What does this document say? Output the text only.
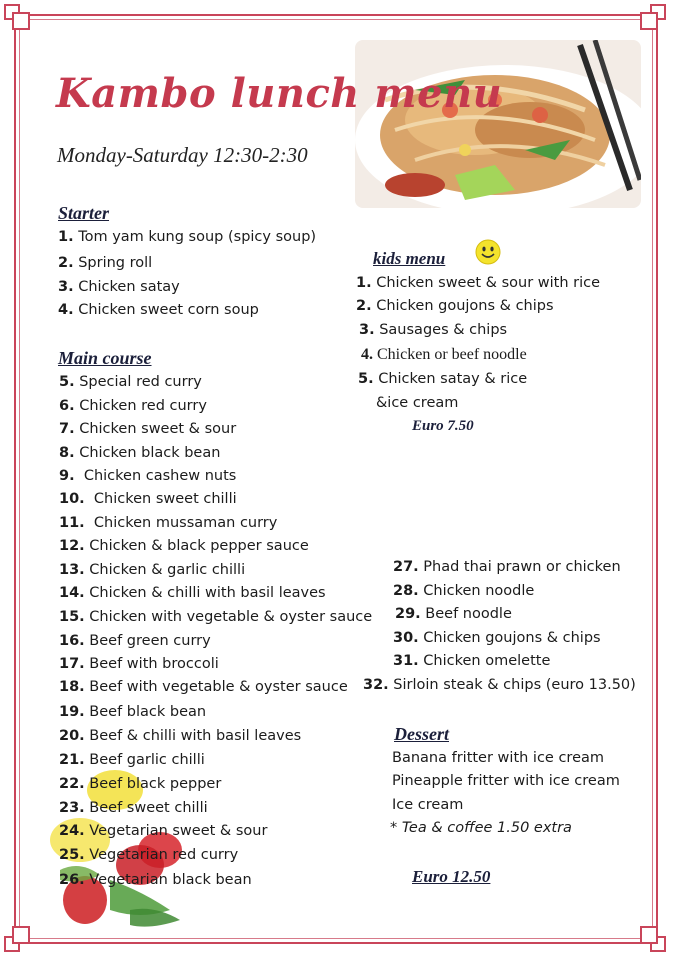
Kambo lunch menu
Monday-Saturday 12:30-2:30
Starter
1. Tom yam kung soup (spicy soup)
2. Spring roll
3. Chicken satay
4. Chicken sweet corn soup
Main course
5. Special red curry
6. Chicken red curry
7. Chicken sweet & sour
8. Chicken black bean
9. Chicken cashew nuts
10. Chicken sweet chilli
11. Chicken mussaman curry
12. Chicken & black pepper sauce
13. Chicken & garlic chilli
14. Chicken & chilli with basil leaves
15. Chicken with vegetable & oyster sauce
16. Beef green curry
17. Beef with broccoli
18. Beef with vegetable & oyster sauce
19. Beef black bean
20. Beef & chilli with basil leaves
21. Beef garlic chilli
22. Beef black pepper
23. Beef sweet chilli
24. Vegetarian sweet & sour
25. Vegetarian red curry
26. Vegetarian black bean
kids menu
1. Chicken sweet & sour with rice
2. Chicken goujons & chips
3. Sausages & chips
4. Chicken or beef noodle
5. Chicken satay & rice
&ice cream
Euro 7.50
27. Phad thai prawn or chicken
28. Chicken noodle
29. Beef noodle
30. Chicken goujons & chips
31. Chicken omelette
32. Sirloin steak & chips (euro 13.50)
Dessert
Banana fritter with ice cream
Pineapple fritter with ice cream
Ice cream
* Tea & coffee 1.50 extra
Euro 12.50
